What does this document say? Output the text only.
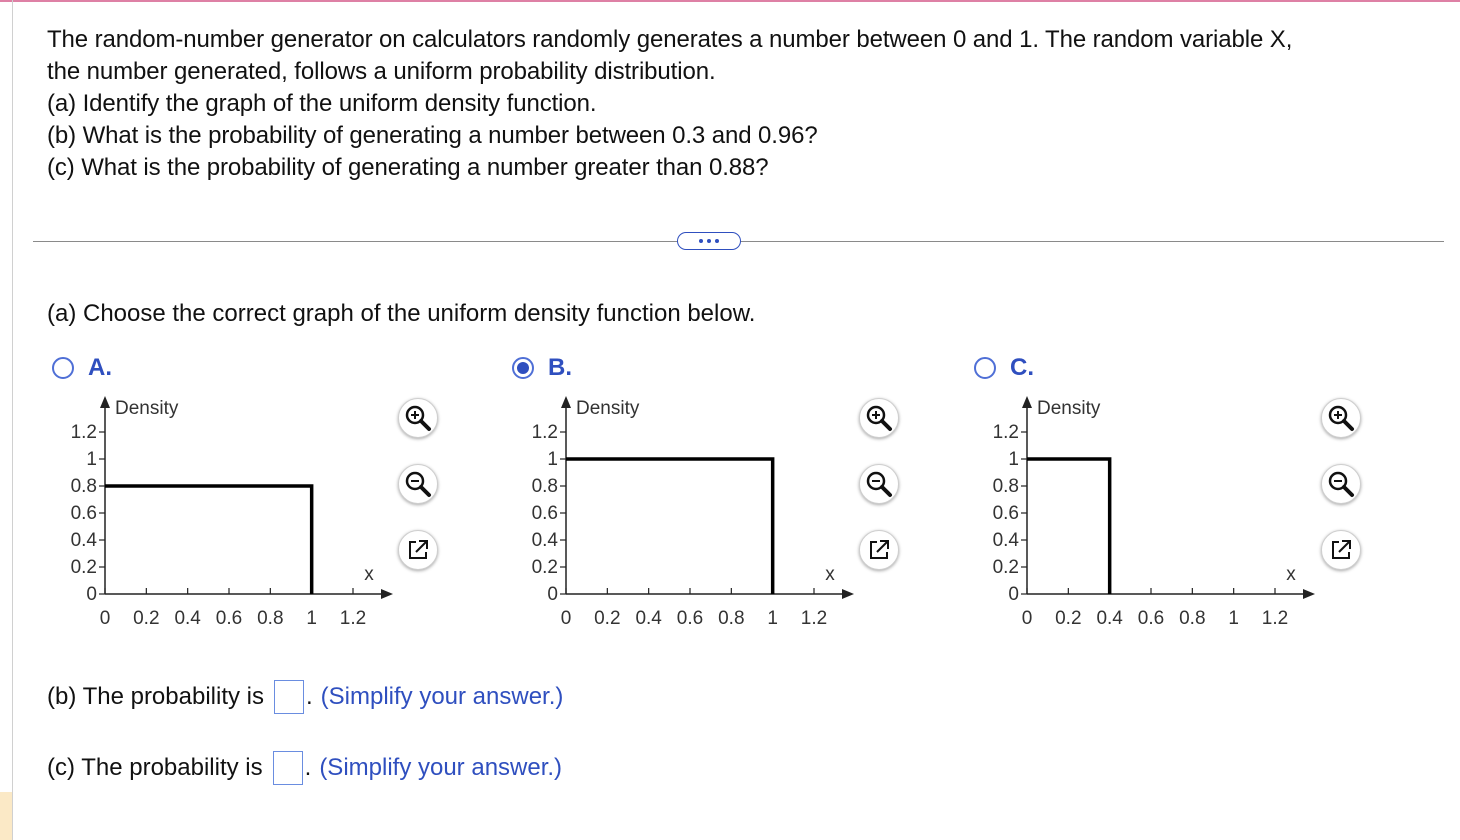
The random-number generator on calculators randomly generates a number between 0 and 1. The random variable X,
the number generated, follows a uniform probability distribution.
(a) Identify the graph of the uniform density function.
(b) What is the probability of generating a number between 0.3 and 0.96?
(c) What is the probability of generating a number greater than 0.88?
(a) Choose the correct graph of the uniform density function below.
A.
1.2
1
0.8
0.6
0.4
0.2
0
0 0.2 0.4 0.6 0.8 1 1.2
Density
x
B.
1.2
1
0.8
0.6
0.4
0.2
0
0 0.2 0.4 0.6 0.8 1 1.2
Density
x
C.
1.2
1
0.8
0.6
0.4
0.2
0
0 0.2 0.4 0.6 0.8 1 1.2
Density
x
(b) The probability is . (Simplify your answer.)
(c) The probability is . (Simplify your answer.)
